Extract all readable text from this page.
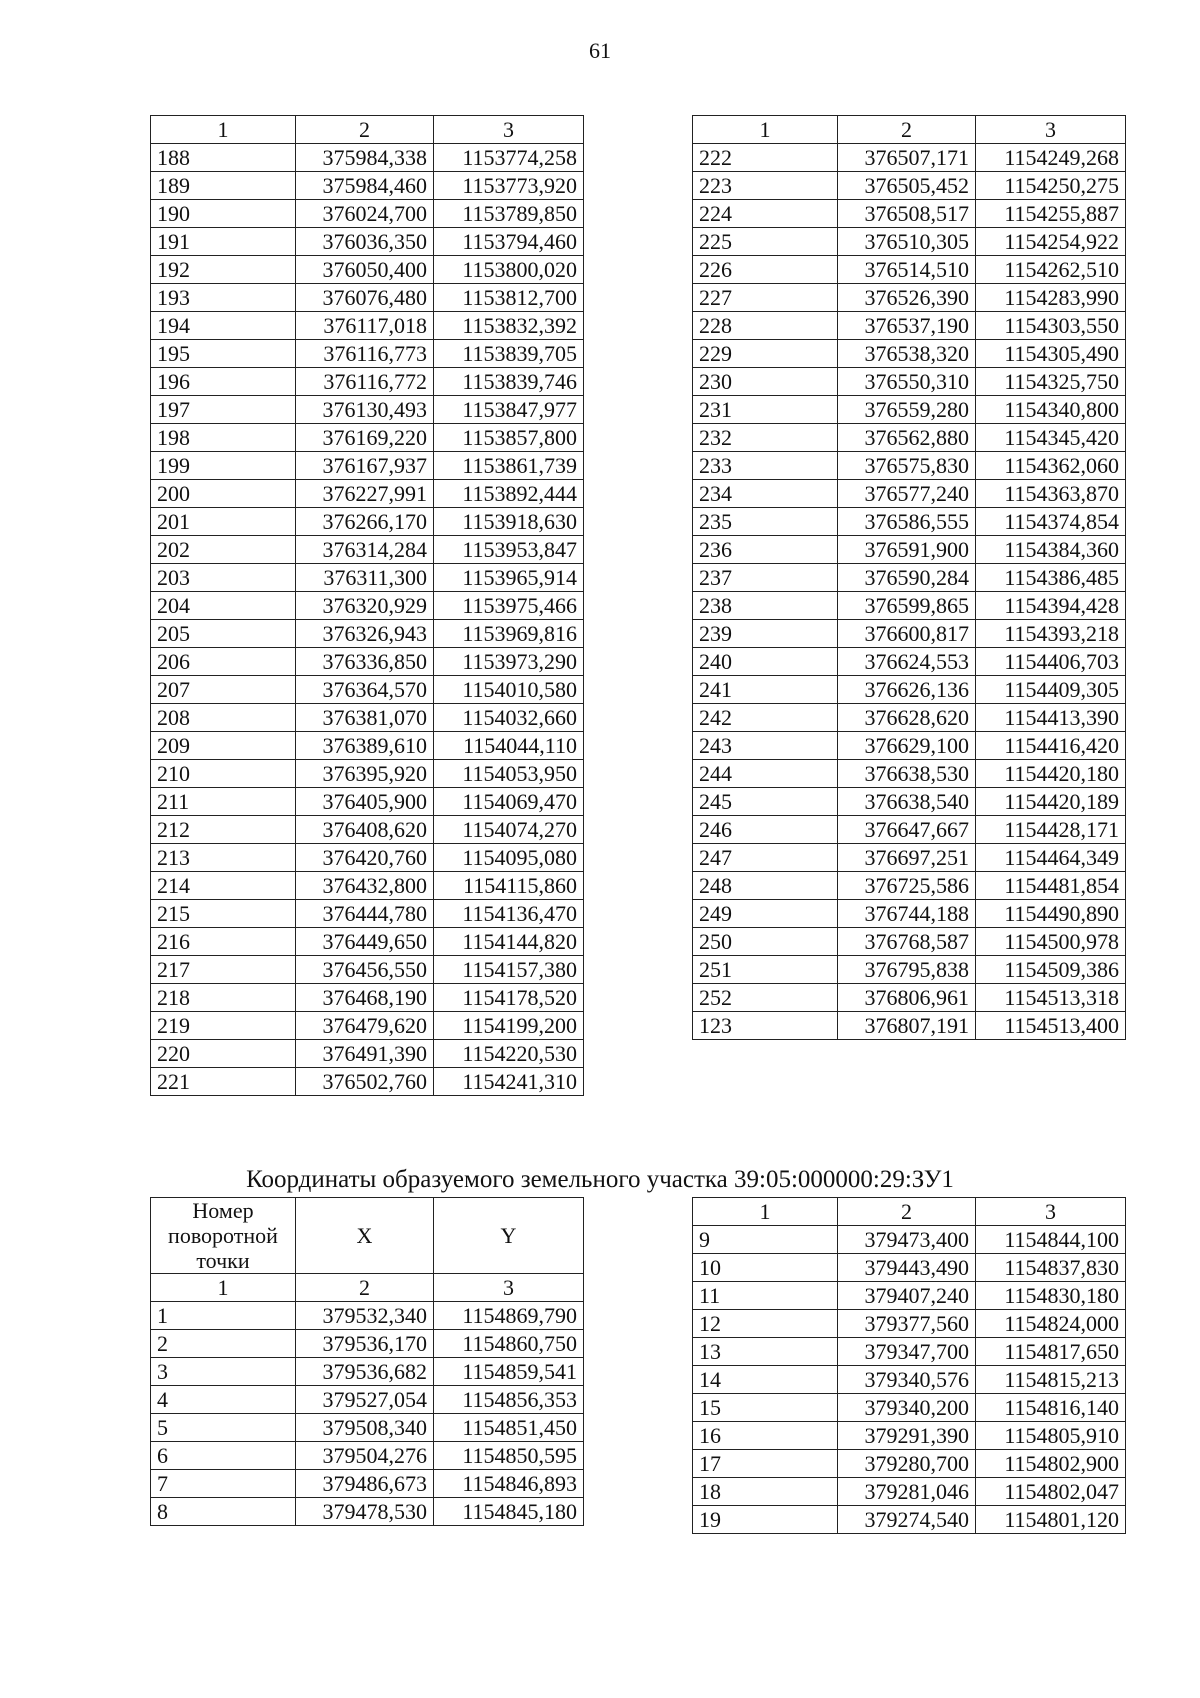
61
1	2	3
188	375984,338	1153774,258
189	375984,460	1153773,920
190	376024,700	1153789,850
191	376036,350	1153794,460
192	376050,400	1153800,020
193	376076,480	1153812,700
194	376117,018	1153832,392
195	376116,773	1153839,705
196	376116,772	1153839,746
197	376130,493	1153847,977
198	376169,220	1153857,800
199	376167,937	1153861,739
200	376227,991	1153892,444
201	376266,170	1153918,630
202	376314,284	1153953,847
203	376311,300	1153965,914
204	376320,929	1153975,466
205	376326,943	1153969,816
206	376336,850	1153973,290
207	376364,570	1154010,580
208	376381,070	1154032,660
209	376389,610	1154044,110
210	376395,920	1154053,950
211	376405,900	1154069,470
212	376408,620	1154074,270
213	376420,760	1154095,080
214	376432,800	1154115,860
215	376444,780	1154136,470
216	376449,650	1154144,820
217	376456,550	1154157,380
218	376468,190	1154178,520
219	376479,620	1154199,200
220	376491,390	1154220,530
221	376502,760	1154241,310
1	2	3
222	376507,171	1154249,268
223	376505,452	1154250,275
224	376508,517	1154255,887
225	376510,305	1154254,922
226	376514,510	1154262,510
227	376526,390	1154283,990
228	376537,190	1154303,550
229	376538,320	1154305,490
230	376550,310	1154325,750
231	376559,280	1154340,800
232	376562,880	1154345,420
233	376575,830	1154362,060
234	376577,240	1154363,870
235	376586,555	1154374,854
236	376591,900	1154384,360
237	376590,284	1154386,485
238	376599,865	1154394,428
239	376600,817	1154393,218
240	376624,553	1154406,703
241	376626,136	1154409,305
242	376628,620	1154413,390
243	376629,100	1154416,420
244	376638,530	1154420,180
245	376638,540	1154420,189
246	376647,667	1154428,171
247	376697,251	1154464,349
248	376725,586	1154481,854
249	376744,188	1154490,890
250	376768,587	1154500,978
251	376795,838	1154509,386
252	376806,961	1154513,318
123	376807,191	1154513,400
Координаты образуемого земельного участка 39:05:000000:29:ЗУ1
Номер поворотной точки	X	Y
1	2	3
1	379532,340	1154869,790
2	379536,170	1154860,750
3	379536,682	1154859,541
4	379527,054	1154856,353
5	379508,340	1154851,450
6	379504,276	1154850,595
7	379486,673	1154846,893
8	379478,530	1154845,180
1	2	3
9	379473,400	1154844,100
10	379443,490	1154837,830
11	379407,240	1154830,180
12	379377,560	1154824,000
13	379347,700	1154817,650
14	379340,576	1154815,213
15	379340,200	1154816,140
16	379291,390	1154805,910
17	379280,700	1154802,900
18	379281,046	1154802,047
19	379274,540	1154801,120
